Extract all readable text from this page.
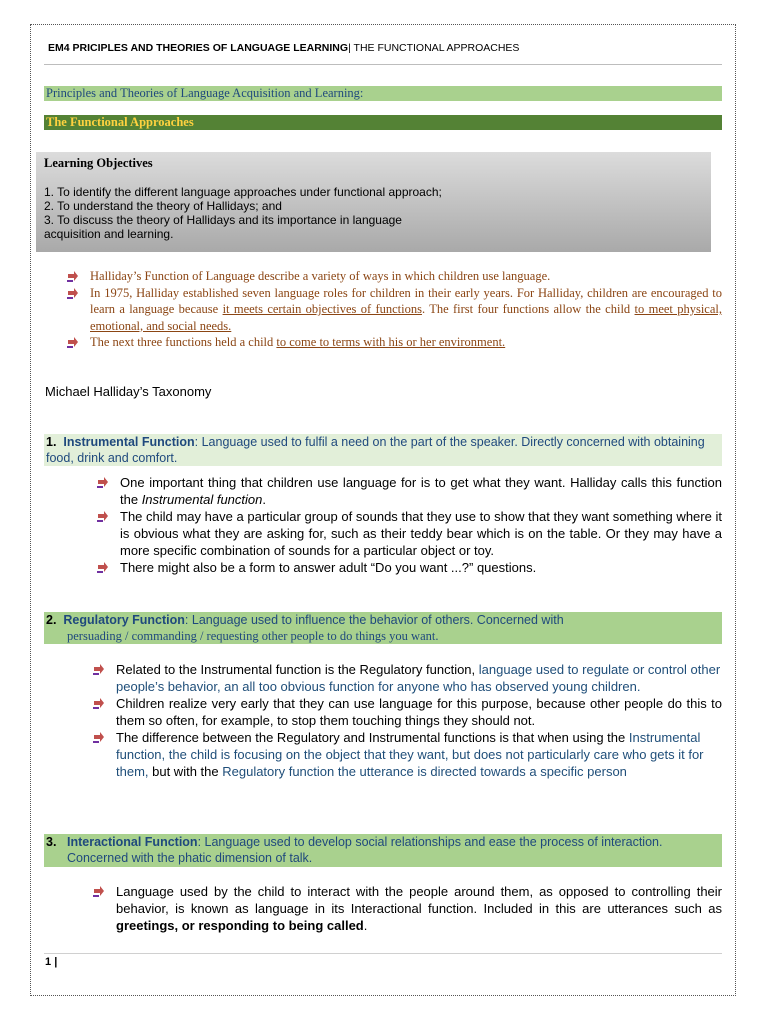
EM4 PRICIPLES AND THEORIES OF LANGUAGE LEARNING| THE FUNCTIONAL APPROACHES
Principles and Theories of Language Acquisition and Learning:
The Functional Approaches
Learning Objectives
1. To identify the different language approaches under functional approach;
2. To understand the theory of Hallidays; and
3. To discuss the theory of Hallidays and its importance in language
acquisition and learning.
Halliday’s Function of Language describe a variety of ways in which children use language.
In 1975, Halliday established seven language roles for children in their early years. For Halliday, children are encouraged to learn a language because it meets certain objectives of functions. The first four functions allow the child to meet physical, emotional, and social needs.
The next three functions held a child to come to terms with his or her environment.
Michael Halliday’s Taxonomy
1. Instrumental Function: Language used to fulfil a need on the part of the speaker. Directly concerned with obtaining food, drink and comfort.
One important thing that children use language for is to get what they want. Halliday calls this function the Instrumental function.
The child may have a particular group of sounds that they use to show that they want something where it is obvious what they are asking for, such as their teddy bear which is on the table. Or they may have a more specific combination of sounds for a particular object or toy.
There might also be a form to answer adult “Do you want ...?” questions.
2. Regulatory Function: Language used to influence the behavior of others. Concerned with
persuading / commanding / requesting other people to do things you want.
Related to the Instrumental function is the Regulatory function, language used to regulate or control other people’s behavior, an all too obvious function for anyone who has observed young children.
Children realize very early that they can use language for this purpose, because other people do this to them so often, for example, to stop them touching things they should not.
The difference between the Regulatory and Instrumental functions is that when using the Instrumental function, the child is focusing on the object that they want, but does not particularly care who gets it for them, but with the Regulatory function the utterance is directed towards a specific person
3. Interactional Function: Language used to develop social relationships and ease the process of interaction. Concerned with the phatic dimension of talk.
Language used by the child to interact with the people around them, as opposed to controlling their behavior, is known as language in its Interactional function. Included in this are utterances such as greetings, or responding to being called.
1 |
